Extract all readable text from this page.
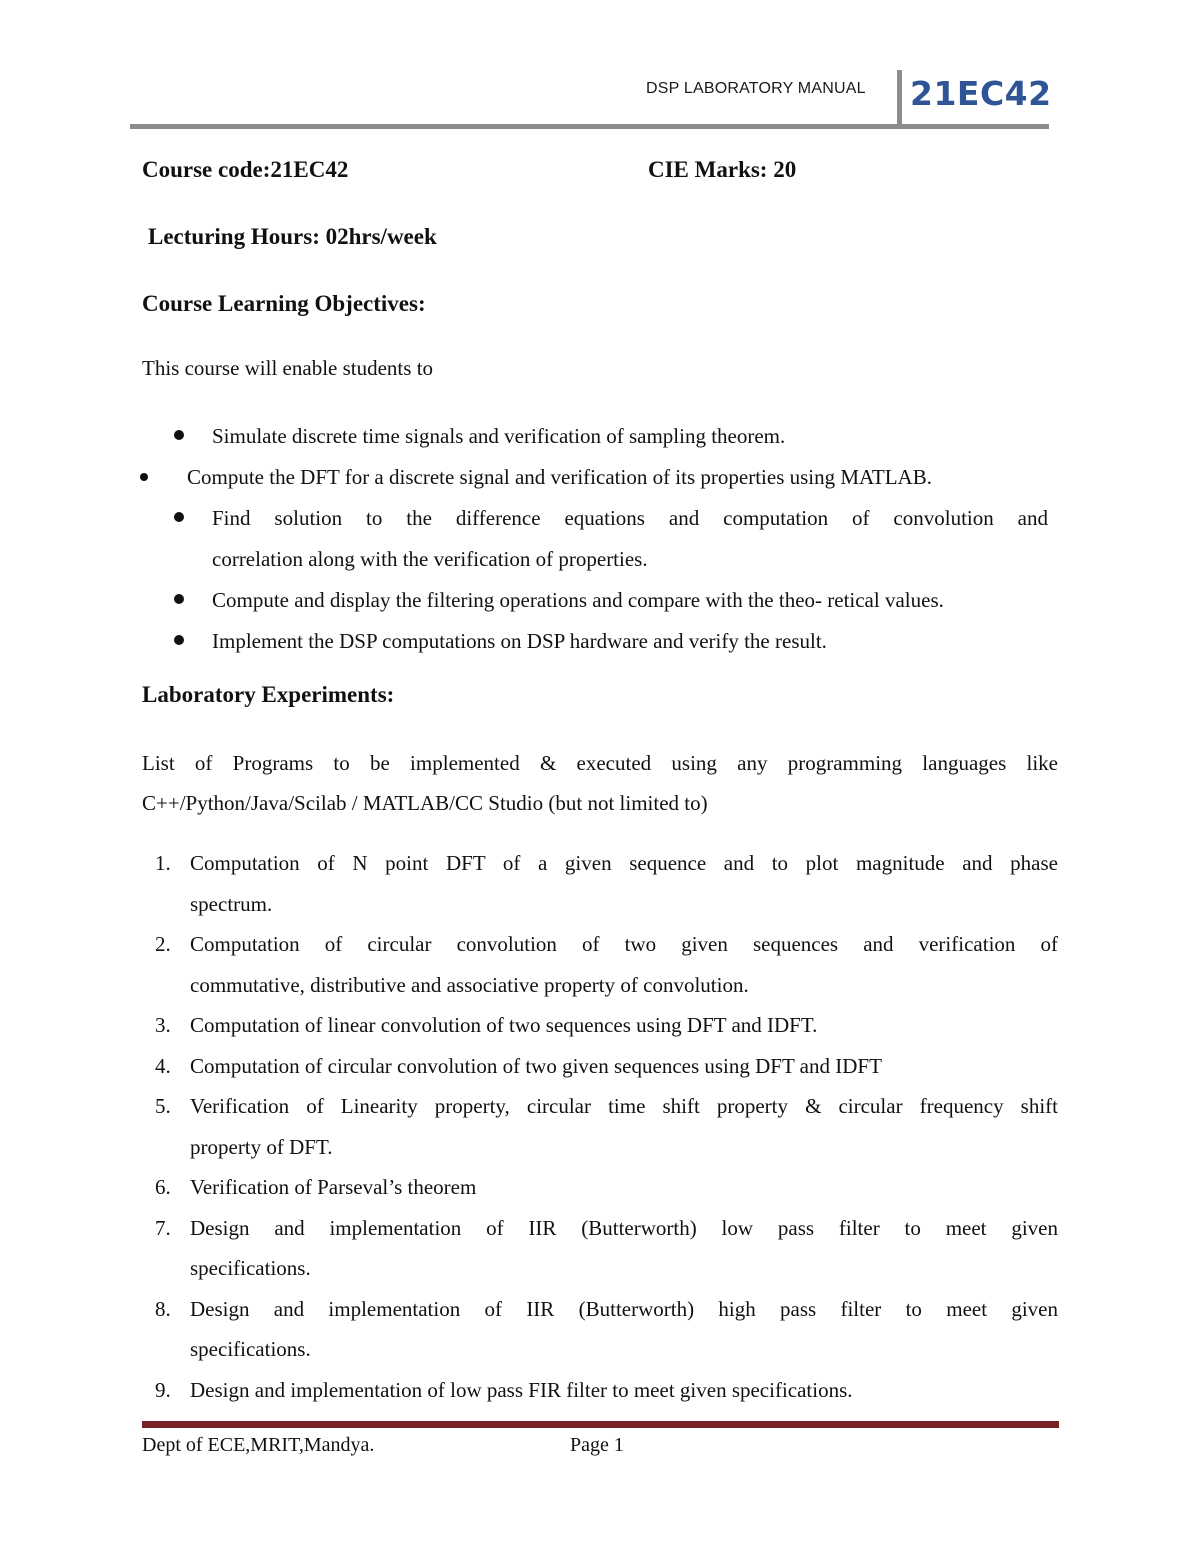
DSP LABORATORY MANUAL 21EC42
Course code:21EC42	CIE Marks: 20
Lecturing Hours: 02hrs/week
Course Learning Objectives:
This course will enable students to
Simulate discrete time signals and verification of sampling theorem.
Compute the DFT for a discrete signal and verification of its properties using MATLAB.
Find solution to the difference equations and computation of convolution and
correlation along with the verification of properties.
Compute and display the filtering operations and compare with the theo- retical values.
Implement the DSP computations on DSP hardware and verify the result.
Laboratory Experiments:

List of Programs to be implemented & executed using any programming languages like C++/Python/Java/Scilab / MATLAB/CC Studio (but not limited to)

1. Computation of N point DFT of a given sequence and to plot magnitude and phase
spectrum.
2. Computation of circular convolution of two given sequences and verification of
commutative, distributive and associative property of convolution.
3. Computation of linear convolution of two sequences using DFT and IDFT.
4. Computation of circular convolution of two given sequences using DFT and IDFT
5. Verification of Linearity property, circular time shift property & circular frequency shift
property of DFT.
6. Verification of Parseval’s theorem
7. Design and implementation of IIR (Butterworth) low pass filter to meet given
specifications.
8. Design and implementation of IIR (Butterworth) high pass filter to meet given
specifications.
9. Design and implementation of low pass FIR filter to meet given specifications.
Dept of ECE,MRIT,Mandya.	Page 1
